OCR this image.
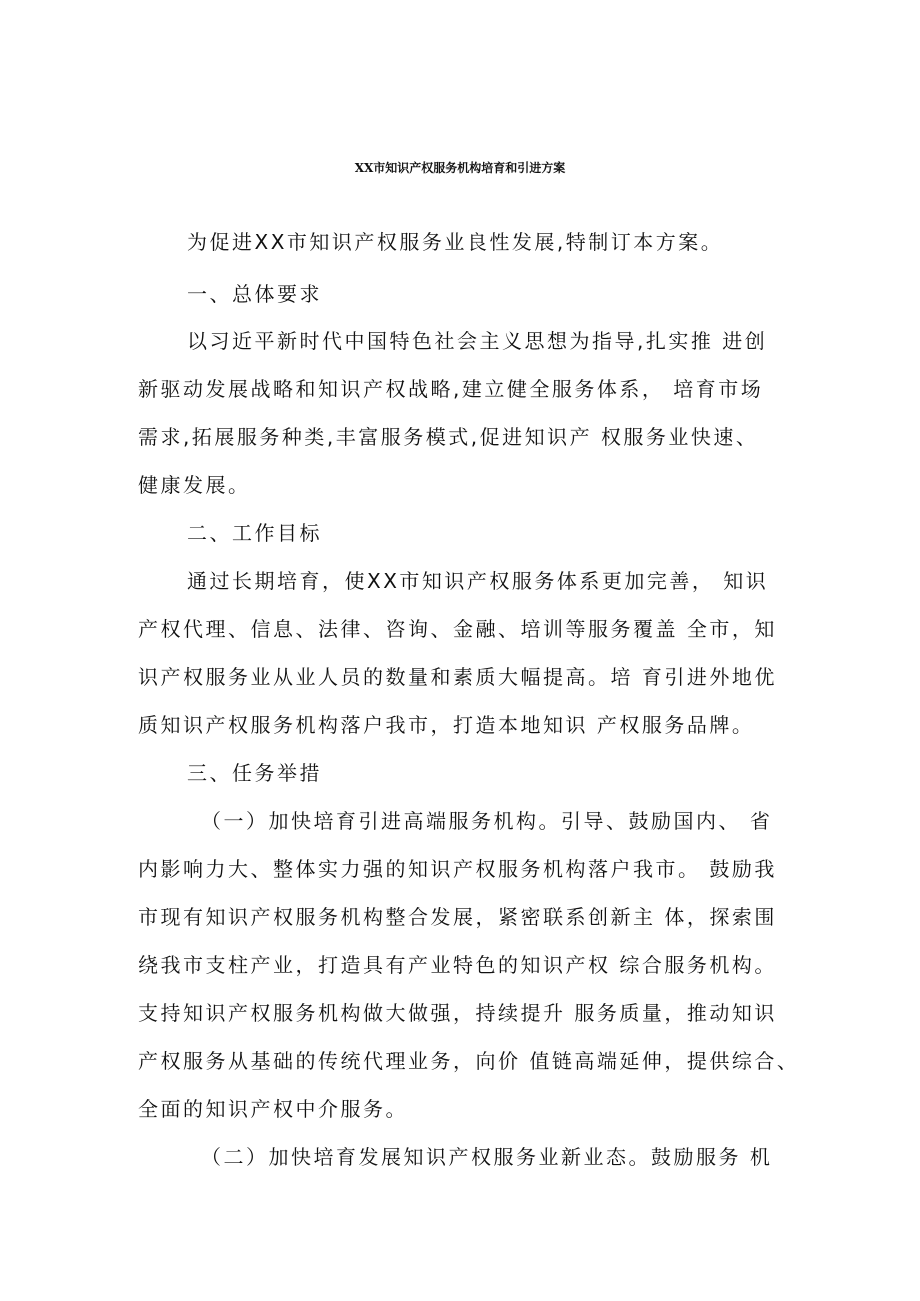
XX市知识产权服务机构培育和引进方案
为促进XX市知识产权服务业良性发展,特制订本方案。
一、总体要求
以习近平新时代中国特色社会主义思想为指导,扎实推 进创
新驱动发展战略和知识产权战略,建立健全服务体系， 培育市场
需求,拓展服务种类,丰富服务模式,促进知识产 权服务业快速、
健康发展。
二、工作目标
通过长期培育，使XX市知识产权服务体系更加完善， 知识
产权代理、信息、法律、咨询、金融、培训等服务覆盖 全市，知
识产权服务业从业人员的数量和素质大幅提高。培 育引进外地优
质知识产权服务机构落户我市，打造本地知识 产权服务品牌。
三、任务举措
（一）加快培育引进高端服务机构。引导、鼓励国内、 省
内影响力大、整体实力强的知识产权服务机构落户我市。 鼓励我
市现有知识产权服务机构整合发展，紧密联系创新主 体，探索围
绕我市支柱产业，打造具有产业特色的知识产权 综合服务机构。
支持知识产权服务机构做大做强，持续提升 服务质量，推动知识
产权服务从基础的传统代理业务，向价 值链高端延伸，提供综合、
全面的知识产权中介服务。
（二）加快培育发展知识产权服务业新业态。鼓励服务 机
